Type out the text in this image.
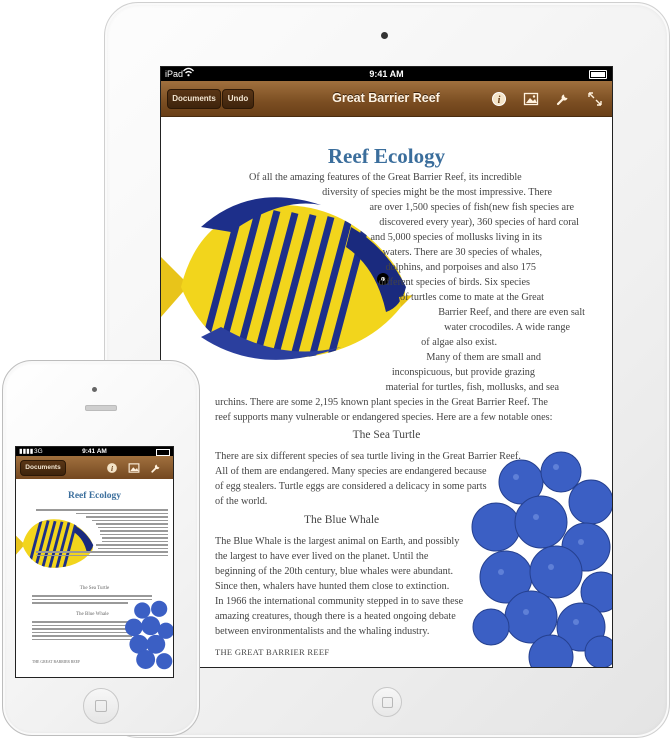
iPad	9:41 AM
Documents	Undo	Great Barrier Reef	i
Reef Ecology
Of all the amazing features of the Great Barrier Reef, its incredible
diversity of species might be the most impressive. There
are over 1,500 species of fish(new fish species are
discovered every year), 360 species of hard coral
and 5,000 species of mollusks living in its
waters. There are 30 species of whales,
dolphins, and porpoises and also 175
different species of birds. Six species
of turtles come to mate at the Great
Barrier Reef, and there are even salt
water crocodiles. A wide range
of algae also exist.
Many of them are small and
inconspicuous, but provide grazing
material for turtles, fish, mollusks, and sea
urchins. There are some 2,195 known plant species in the Great Barrier Reef. The
reef supports many vulnerable or endangered species. Here are a few notable ones:
The Sea Turtle
There are six different species of sea turtle living in the Great Barrier Reef.
All of them are endangered. Many species are endangered because
of egg stealers. Turtle eggs are considered a delicacy in some parts
of the world.
The Blue Whale
The Blue Whale is the largest animal on Earth, and possibly
the largest to have ever lived on the planet. Until the
beginning of the 20th century, blue whales were abundant.
Since then, whalers have hunted them close to extinction.
In 1966 the international community stepped in to save these
amazing creatures, though there is a heated ongoing debate
between environmentalists and the whaling industry.
THE GREAT BARRIER REEF
▮▮▮▮ 3G	9:41 AM
Documents	i
Reef Ecology
The Sea Turtle
The Blue Whale
THE GREAT BARRIER REEF
